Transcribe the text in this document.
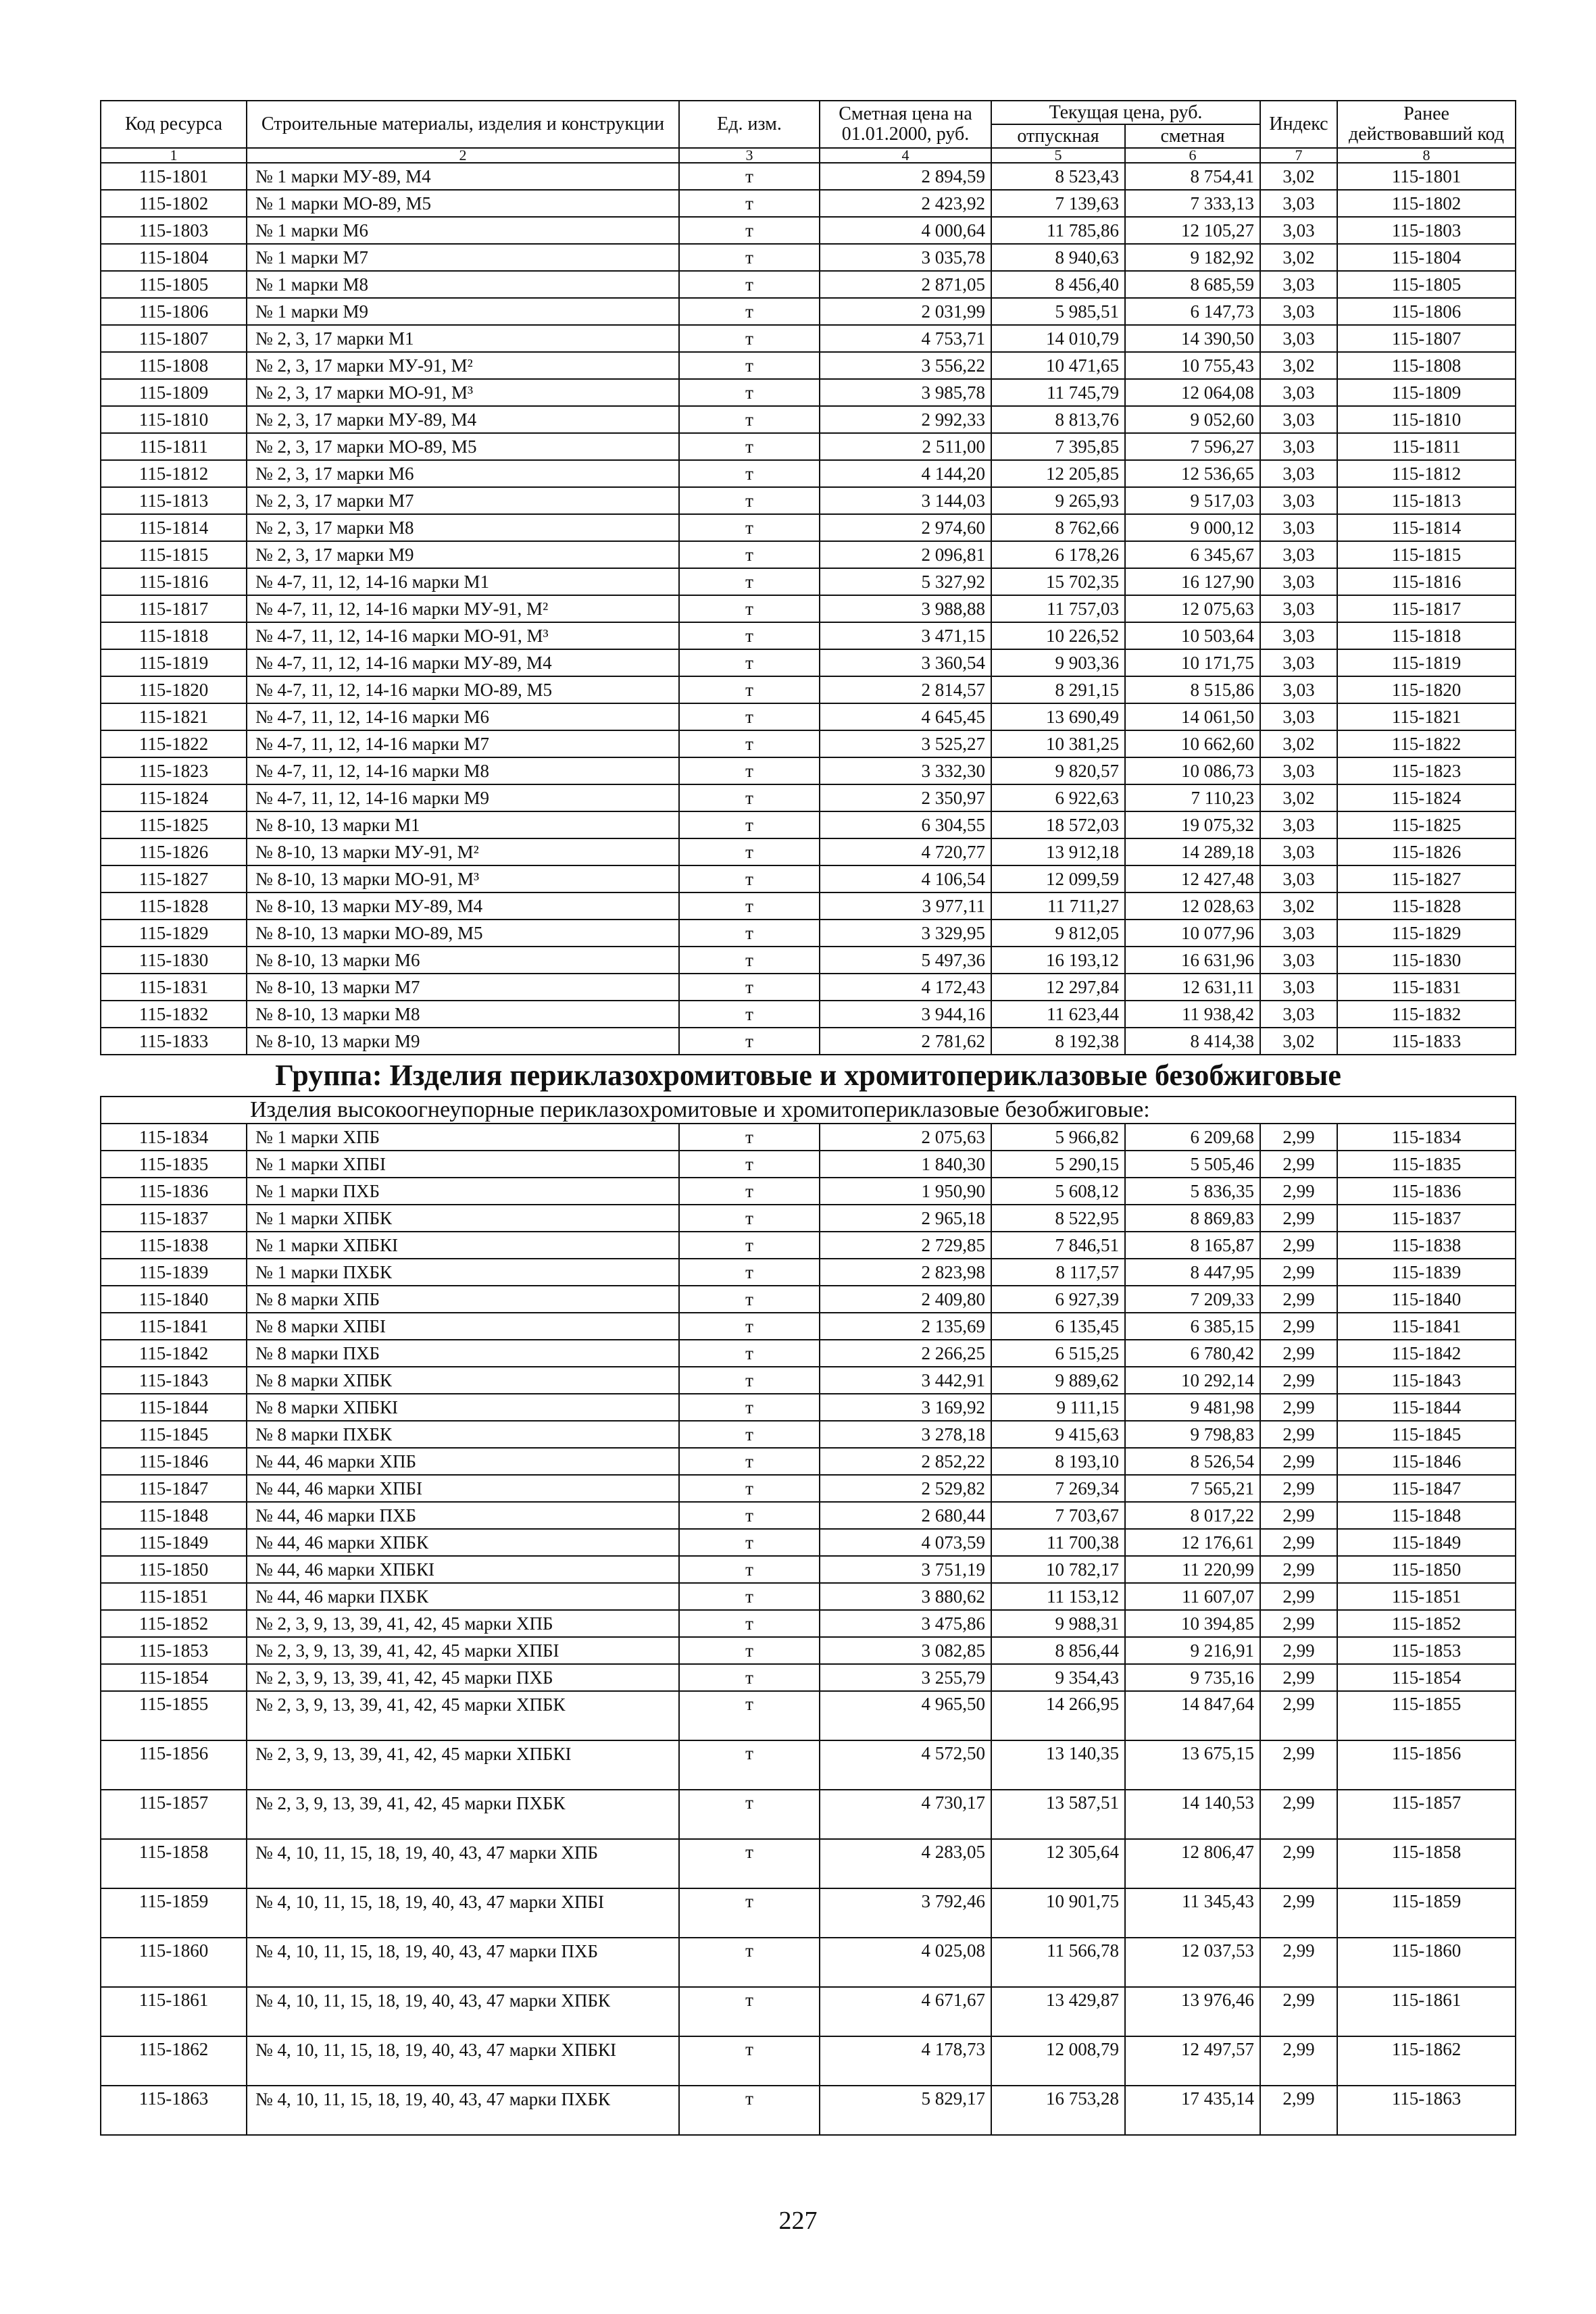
Код ресурса	Строительные материалы, изделия и конструкции	Ед. изм.	Сметная цена на 01.01.2000, руб.	Текущая цена, руб.		Индекс	Ранее действовавший код
				отпускная	сметная		
1	2	3	4	5	6	7	8
115-1801	№ 1 марки МУ-89, М4	т	2 894,59	8 523,43	8 754,41	3,02	115-1801
115-1802	№ 1 марки МО-89, М5	т	2 423,92	7 139,63	7 333,13	3,03	115-1802
115-1803	№ 1 марки М6	т	4 000,64	11 785,86	12 105,27	3,03	115-1803
115-1804	№ 1 марки М7	т	3 035,78	8 940,63	9 182,92	3,02	115-1804
115-1805	№ 1 марки М8	т	2 871,05	8 456,40	8 685,59	3,03	115-1805
115-1806	№ 1 марки М9	т	2 031,99	5 985,51	6 147,73	3,03	115-1806
115-1807	№ 2, 3, 17 марки М1	т	4 753,71	14 010,79	14 390,50	3,03	115-1807
115-1808	№ 2, 3, 17 марки МУ-91, М²	т	3 556,22	10 471,65	10 755,43	3,02	115-1808
115-1809	№ 2, 3, 17 марки МО-91, М³	т	3 985,78	11 745,79	12 064,08	3,03	115-1809
115-1810	№ 2, 3, 17 марки МУ-89, М4	т	2 992,33	8 813,76	9 052,60	3,03	115-1810
115-1811	№ 2, 3, 17 марки МО-89, М5	т	2 511,00	7 395,85	7 596,27	3,03	115-1811
115-1812	№ 2, 3, 17 марки М6	т	4 144,20	12 205,85	12 536,65	3,03	115-1812
115-1813	№ 2, 3, 17 марки М7	т	3 144,03	9 265,93	9 517,03	3,03	115-1813
115-1814	№ 2, 3, 17 марки М8	т	2 974,60	8 762,66	9 000,12	3,03	115-1814
115-1815	№ 2, 3, 17 марки М9	т	2 096,81	6 178,26	6 345,67	3,03	115-1815
115-1816	№ 4-7, 11, 12, 14-16 марки М1	т	5 327,92	15 702,35	16 127,90	3,03	115-1816
115-1817	№ 4-7, 11, 12, 14-16 марки МУ-91, М²	т	3 988,88	11 757,03	12 075,63	3,03	115-1817
115-1818	№ 4-7, 11, 12, 14-16 марки МО-91, М³	т	3 471,15	10 226,52	10 503,64	3,03	115-1818
115-1819	№ 4-7, 11, 12, 14-16 марки МУ-89, М4	т	3 360,54	9 903,36	10 171,75	3,03	115-1819
115-1820	№ 4-7, 11, 12, 14-16 марки МО-89, М5	т	2 814,57	8 291,15	8 515,86	3,03	115-1820
115-1821	№ 4-7, 11, 12, 14-16 марки М6	т	4 645,45	13 690,49	14 061,50	3,03	115-1821
115-1822	№ 4-7, 11, 12, 14-16 марки М7	т	3 525,27	10 381,25	10 662,60	3,02	115-1822
115-1823	№ 4-7, 11, 12, 14-16 марки М8	т	3 332,30	9 820,57	10 086,73	3,03	115-1823
115-1824	№ 4-7, 11, 12, 14-16 марки М9	т	2 350,97	6 922,63	7 110,23	3,02	115-1824
115-1825	№ 8-10, 13 марки М1	т	6 304,55	18 572,03	19 075,32	3,03	115-1825
115-1826	№ 8-10, 13 марки МУ-91, М²	т	4 720,77	13 912,18	14 289,18	3,03	115-1826
115-1827	№ 8-10, 13 марки МО-91, М³	т	4 106,54	12 099,59	12 427,48	3,03	115-1827
115-1828	№ 8-10, 13 марки МУ-89, М4	т	3 977,11	11 711,27	12 028,63	3,02	115-1828
115-1829	№ 8-10, 13 марки МО-89, М5	т	3 329,95	9 812,05	10 077,96	3,03	115-1829
115-1830	№ 8-10, 13 марки М6	т	5 497,36	16 193,12	16 631,96	3,03	115-1830
115-1831	№ 8-10, 13 марки М7	т	4 172,43	12 297,84	12 631,11	3,03	115-1831
115-1832	№ 8-10, 13 марки М8	т	3 944,16	11 623,44	11 938,42	3,03	115-1832
115-1833	№ 8-10, 13 марки М9	т	2 781,62	8 192,38	8 414,38	3,02	115-1833
Группа: Изделия периклазохромитовые и хромитопериклазовые безобжиговые							
Изделия высокоогнеупорные периклазохромитовые и хромитопериклазовые безобжиговые:							
115-1834	№ 1 марки ХПБ	т	2 075,63	5 966,82	6 209,68	2,99	115-1834
115-1835	№ 1 марки ХПБI	т	1 840,30	5 290,15	5 505,46	2,99	115-1835
115-1836	№ 1 марки ПХБ	т	1 950,90	5 608,12	5 836,35	2,99	115-1836
115-1837	№ 1 марки ХПБК	т	2 965,18	8 522,95	8 869,83	2,99	115-1837
115-1838	№ 1 марки ХПБКI	т	2 729,85	7 846,51	8 165,87	2,99	115-1838
115-1839	№ 1 марки ПХБК	т	2 823,98	8 117,57	8 447,95	2,99	115-1839
115-1840	№ 8 марки ХПБ	т	2 409,80	6 927,39	7 209,33	2,99	115-1840
115-1841	№ 8 марки ХПБI	т	2 135,69	6 135,45	6 385,15	2,99	115-1841
115-1842	№ 8 марки ПХБ	т	2 266,25	6 515,25	6 780,42	2,99	115-1842
115-1843	№ 8 марки ХПБК	т	3 442,91	9 889,62	10 292,14	2,99	115-1843
115-1844	№ 8 марки ХПБКI	т	3 169,92	9 111,15	9 481,98	2,99	115-1844
115-1845	№ 8 марки ПХБК	т	3 278,18	9 415,63	9 798,83	2,99	115-1845
115-1846	№ 44, 46 марки ХПБ	т	2 852,22	8 193,10	8 526,54	2,99	115-1846
115-1847	№ 44, 46 марки ХПБI	т	2 529,82	7 269,34	7 565,21	2,99	115-1847
115-1848	№ 44, 46 марки ПХБ	т	2 680,44	7 703,67	8 017,22	2,99	115-1848
115-1849	№ 44, 46 марки ХПБК	т	4 073,59	11 700,38	12 176,61	2,99	115-1849
115-1850	№ 44, 46 марки ХПБКI	т	3 751,19	10 782,17	11 220,99	2,99	115-1850
115-1851	№ 44, 46 марки ПХБК	т	3 880,62	11 153,12	11 607,07	2,99	115-1851
115-1852	№ 2, 3, 9, 13, 39, 41, 42, 45 марки ХПБ	т	3 475,86	9 988,31	10 394,85	2,99	115-1852
115-1853	№ 2, 3, 9, 13, 39, 41, 42, 45 марки ХПБI	т	3 082,85	8 856,44	9 216,91	2,99	115-1853
115-1854	№ 2, 3, 9, 13, 39, 41, 42, 45 марки ПХБ	т	3 255,79	9 354,43	9 735,16	2,99	115-1854
115-1855	№ 2, 3, 9, 13, 39, 41, 42, 45 марки ХПБК	т	4 965,50	14 266,95	14 847,64	2,99	115-1855
115-1856	№ 2, 3, 9, 13, 39, 41, 42, 45 марки ХПБКI	т	4 572,50	13 140,35	13 675,15	2,99	115-1856
115-1857	№ 2, 3, 9, 13, 39, 41, 42, 45 марки ПХБК	т	4 730,17	13 587,51	14 140,53	2,99	115-1857
115-1858	№ 4, 10, 11, 15, 18, 19, 40, 43, 47 марки ХПБ	т	4 283,05	12 305,64	12 806,47	2,99	115-1858
115-1859	№ 4, 10, 11, 15, 18, 19, 40, 43, 47 марки ХПБI	т	3 792,46	10 901,75	11 345,43	2,99	115-1859
115-1860	№ 4, 10, 11, 15, 18, 19, 40, 43, 47 марки ПХБ	т	4 025,08	11 566,78	12 037,53	2,99	115-1860
115-1861	№ 4, 10, 11, 15, 18, 19, 40, 43, 47 марки ХПБК	т	4 671,67	13 429,87	13 976,46	2,99	115-1861
115-1862	№ 4, 10, 11, 15, 18, 19, 40, 43, 47 марки ХПБКI	т	4 178,73	12 008,79	12 497,57	2,99	115-1862
115-1863	№ 4, 10, 11, 15, 18, 19, 40, 43, 47 марки ПХБК	т	5 829,17	16 753,28	17 435,14	2,99	115-1863
227
